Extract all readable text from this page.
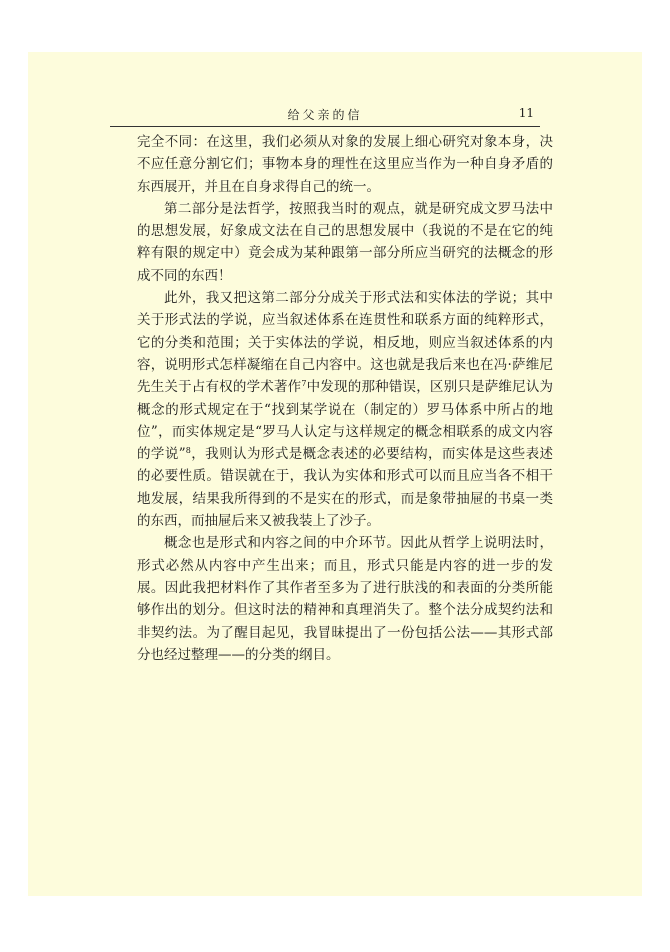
给父亲的信	11

完全不同：在这里，我们必须从对象的发展上细心研究对象本身，决不应任意分割它们；事物本身的理性在这里应当作为一种自身矛盾的东西展开，并且在自身求得自己的统一。

第二部分是法哲学，按照我当时的观点，就是研究成文罗马法中的思想发展，好象成文法在自己的思想发展中（我说的不是在它的纯粹有限的规定中）竟会成为某种跟第一部分所应当研究的法概念的形成不同的东西！

此外，我又把这第二部分分成关于形式法和实体法的学说；其中关于形式法的学说，应当叙述体系在连贯性和联系方面的纯粹形式，它的分类和范围；关于实体法的学说，相反地，则应当叙述体系的内容，说明形式怎样凝缩在自己内容中。这也就是我后来也在冯·萨维尼先生关于占有权的学术著作$^7$中发现的那种错误，区别只是萨维尼认为概念的形式规定在于“找到某学说在（制定的）罗马体系中所占的地位”，而实体规定是“罗马人认定与这样规定的概念相联系的成文内容的学说”$^8$，我则认为形式是概念表述的必要结构，而实体是这些表述的必要性质。错误就在于，我认为实体和形式可以而且应当各不相干地发展，结果我所得到的不是实在的形式，而是象带抽屉的书桌一类的东西，而抽屉后来又被我装上了沙子。

概念也是形式和内容之间的中介环节。因此从哲学上说明法时，形式必然从内容中产生出来；而且，形式只能是内容的进一步的发展。因此我把材料作了其作者至多为了进行肤浅的和表面的分类所能够作出的划分。但这时法的精神和真理消失了。整个法分成契约法和非契约法。为了醒目起见，我冒昧提出了一份包括公法——其形式部分也经过整理——的分类的纲目。
